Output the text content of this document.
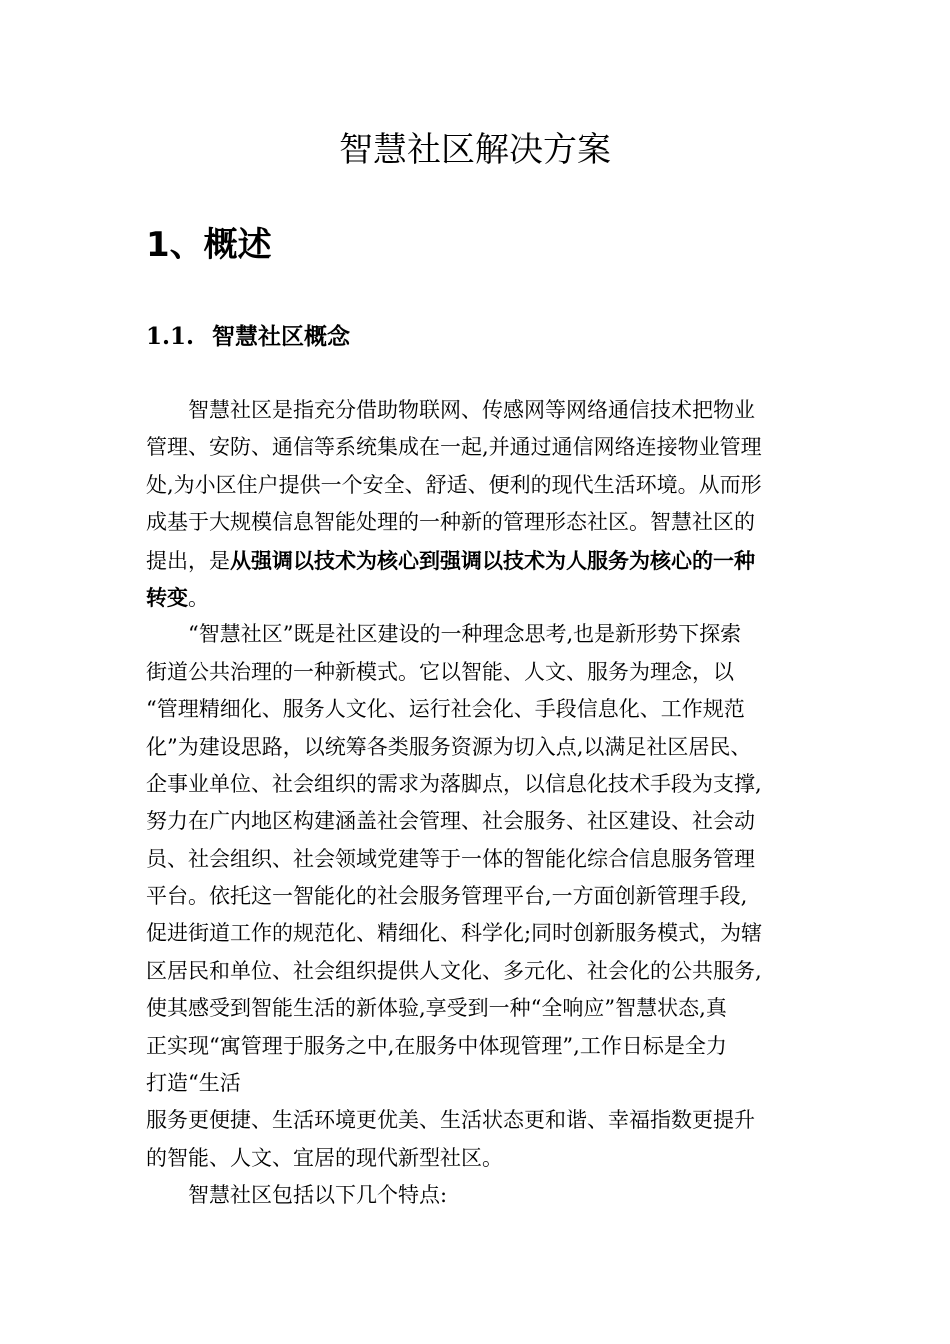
智慧社区解决方案
1、概述
1.1. 智慧社区概念
智慧社区是指充分借助物联网、传感网等网络通信技术把物业
管理、安防、通信等系统集成在一起,并通过通信网络连接物业管理
处,为小区住户提供一个安全、舒适、便利的现代生活环境。从而形
成基于大规模信息智能处理的一种新的管理形态社区。智慧社区的
提出，是从强调以技术为核心到强调以技术为人服务为核心的一种
转变。
“智慧社区”既是社区建设的一种理念思考,也是新形势下探索
街道公共治理的一种新模式。它以智能、人文、服务为理念，以
“管理精细化、服务人文化、运行社会化、手段信息化、工作规范
化”为建设思路，以统筹各类服务资源为切入点,以满足社区居民、
企事业单位、社会组织的需求为落脚点，以信息化技术手段为支撑,
努力在广内地区构建涵盖社会管理、社会服务、社区建设、社会动
员、社会组织、社会领域党建等于一体的智能化综合信息服务管理
平台。依托这一智能化的社会服务管理平台,一方面创新管理手段,
促进街道工作的规范化、精细化、科学化;同时创新服务模式，为辖
区居民和单位、社会组织提供人文化、多元化、社会化的公共服务,
使其感受到智能生活的新体验,享受到一种“全响应”智慧状态,真
正实现“寓管理于服务之中,在服务中体现管理”,工作日标是全力
打造“生活
服务更便捷、生活环境更优美、生活状态更和谐、幸福指数更提升
的智能、人文、宜居的现代新型社区。
智慧社区包括以下几个特点:
